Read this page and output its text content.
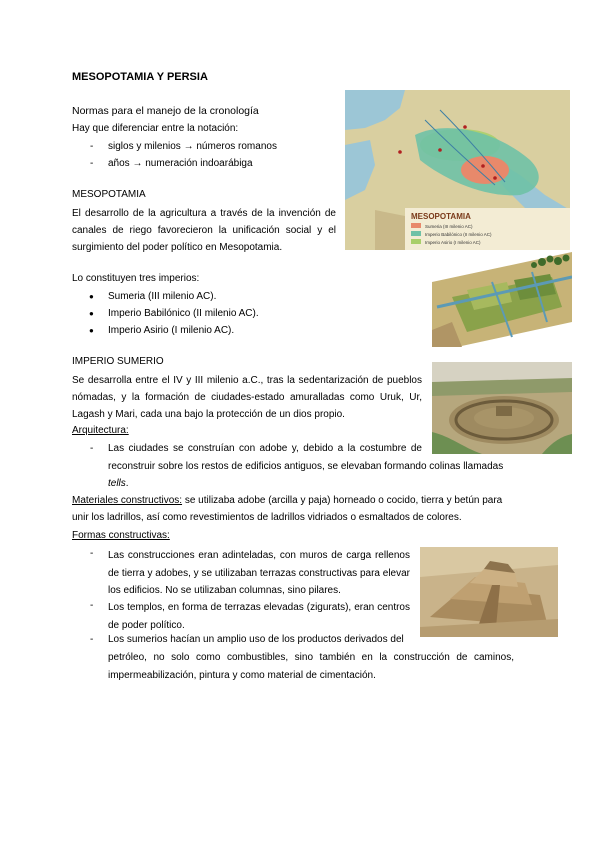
MESOPOTAMIA Y PERSIA
Normas para el manejo de la cronología
Hay que diferenciar entre la notación:
- siglos y milenios → números romanos
- años → numeración indoarábiga
MESOPOTAMIA
El desarrollo de la agricultura a través de la invención de canales de riego favorecieron la unificación social y el surgimiento del poder político en Mesopotamia.
Lo constituyen tres imperios:
● Sumeria (III milenio AC).
● Imperio Babilónico (II milenio AC).
● Imperio Asirio (I milenio AC).
IMPERIO SUMERIO
Se desarrolla entre el IV y III milenio a.C., tras la sedentarización de pueblos nómadas, y la formación de ciudades-estado amuralladas como Uruk, Ur, Lagash y Mari, cada una bajo la protección de un dios propio.
Arquitectura:
- Las ciudades se construían con adobe y, debido a la costumbre de
reconstruir sobre los restos de edificios antiguos, se elevaban formando colinas llamadas
tells.
Materiales constructivos: se utilizaba adobe (arcilla y paja) horneado o cocido, tierra y betún para
unir los ladrillos, así como revestimientos de ladrillos vidriados o esmaltados de colores.
Formas constructivas:
- Las construcciones eran adinteladas, con muros de carga rellenos de tierra y adobes, y se utilizaban terrazas constructivas para elevar los edificios. No se utilizaban columnas, sino pilares.
- Los templos, en forma de terrazas elevadas (zigurats), eran centros de poder político.
- Los sumerios hacían un amplio uso de los productos derivados del
petróleo, no solo como combustibles, sino también en la construcción de caminos,
impermeabilización, pintura y como material de cimentación.
MESOPOTAMIA
Sumeria (III milenio AC)
Imperio Babilónico (II milenio AC)
Imperio Asirio (I milenio AC)
